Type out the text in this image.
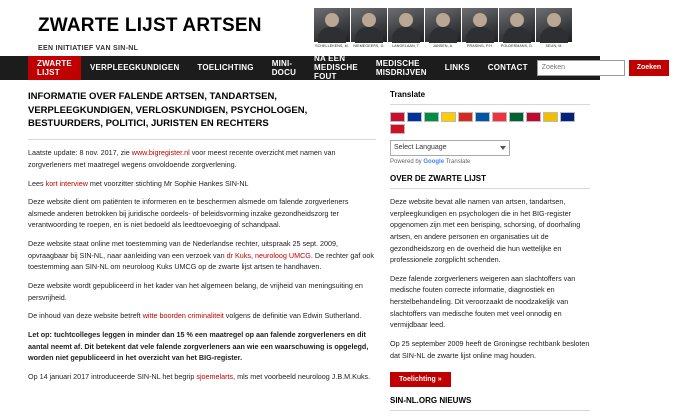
ZWARTE LIJST ARTSEN
EEN INITIATIEF VAN SIN-NL	SCHELLEKENS, M. NIEMEGEERS, G. LANGELAAN, T.	JANSEN, A.	PRASING, P.H. POLDERMANS, D.	SEIJN, M.
ZWARTE LIJST	VERPLEEGKUNDIGEN	TOELICHTING	MINI-DOCU
NA EEN MEDISCHE FOUT
MEDISCHE MISDRIJVEN	LINKS	CONTACT
Zoeken	Zoeken
INFORMATIE OVER FALENDE ARTSEN, TANDARTSEN, VERPLEEGKUNDIGEN, VERLOSKUNDIGEN, PSYCHOLOGEN, BESTUURDERS, POLITICI, JURISTEN EN RECHTERS

Laatste update: 8 nov. 2017, zie www.bigregister.nl voor meest recente overzicht met namen van zorgverleners met maatregel wegens onvoldoende zorgverlening.

Lees kort interview met voorzitter stichting Mr Sophie Hankes SIN-NL

Deze website dient om patiënten te informeren en te beschermen alsmede om falende zorgverleners alsmede anderen betrokken bij juridische oordeels- of beleidsvorming inzake gezondheidszorg ter verantwoording te roepen, en is niet bedoeld als leedtoevoeging of schandpaal.

Deze website staat online met toestemming van de Nederlandse rechter, uitspraak 25 sept. 2009, opvraagbaar bij SIN-NL, naar aanleiding van een verzoek van dr Kuks, neuroloog UMCG. De rechter gaf ook toestemming aan SIN-NL om neuroloog Kuks UMCG op de zwarte lijst artsen te handhaven.

Deze website wordt gepubliceerd in het kader van het algemeen belang, de vrijheid van meningsuiting en persvrijheid.

De inhoud van deze website betreft witte boorden criminaliteit volgens de definitie van Edwin Sutherland.

Let op: tuchtcolleges leggen in minder dan 15 % een maatregel op aan falende zorgverleners en dit aantal neemt af. Dit betekent dat vele falende zorgverleners aan wie een waarschuwing is opgelegd, worden niet gepubliceerd in het overzicht van het BIG-register.

Op 14 januari 2017 introduceerde SIN-NL het begrip sjoemelarts, mls met voorbeeld neuroloog J.B.M.Kuks.

Translate
Select Language
Powered by Google Translate
OVER DE ZWARTE LIJST

Deze website bevat alle namen van artsen, tandartsen, verpleegkundigen en psychologen die in het BIG-register opgenomen zijn met een berisping, schorsing, of doorhaling artsen, en andere personen en organisaties uit de gezondheidszorg en de overheid die hun wettelijke en professionele zorgplicht schenden.

Deze falende zorgverleners weigeren aan slachtoffers van medische fouten correcte informatie, diagnostiek en herstelbehandeling. Dit veroorzaakt de noodzakelijk van slachtoffers van medische fouten met veel onnodig en vermijdbaar leed.

Op 25 september 2009 heeft de Groningse rechtbank besloten dat SIN-NL de zwarte lijst online mag houden.

Toelichting »
SIN-NL.ORG NIEUWS
